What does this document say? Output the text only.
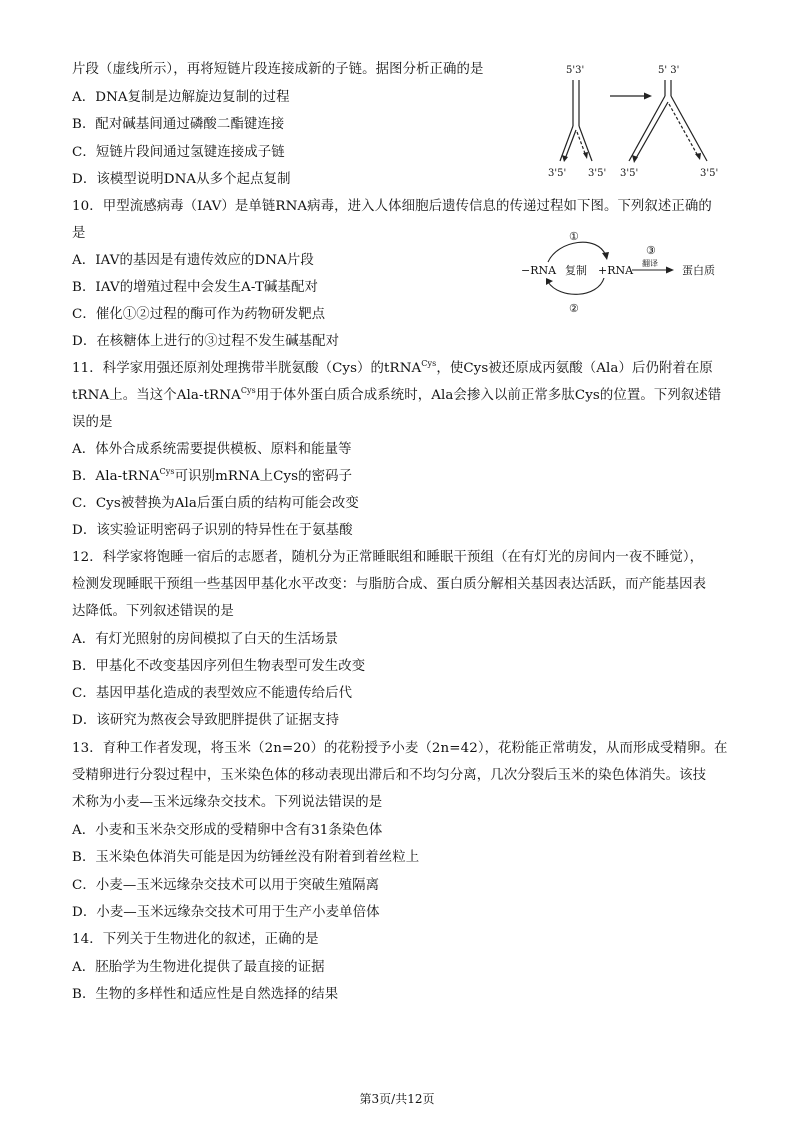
片段（虚线所示），再将短链片段连接成新的子链。据图分析正确的是
A．DNA复制是边解旋边复制的过程
B．配对碱基间通过磷酸二酯键连接
C．短链片段间通过氢键连接成子链
D．该模型说明DNA从多个起点复制
10．甲型流感病毒（IAV）是单链RNA病毒，进入人体细胞后遗传信息的传递过程如下图。下列叙述正确的
是
A．IAV的基因是有遗传效应的DNA片段
B．IAV的增殖过程中会发生A-T碱基配对
C．催化①②过程的酶可作为药物研发靶点
D．在核糖体上进行的③过程不发生碱基配对
11．科学家用强还原剂处理携带半胱氨酸（Cys）的tRNA$^{Cys}$，使Cys被还原成丙氨酸（Ala）后仍附着在原
tRNA上。当这个Ala-tRNA$^{Cys}$用于体外蛋白质合成系统时，Ala会掺入以前正常多肽Cys的位置。下列叙述错
误的是
A．体外合成系统需要提供模板、原料和能量等
B．Ala-tRNA$^{Cys}$可识别mRNA上Cys的密码子
C．Cys被替换为Ala后蛋白质的结构可能会改变
D．该实验证明密码子识别的特异性在于氨基酸
12．科学家将饱睡一宿后的志愿者，随机分为正常睡眠组和睡眠干预组（在有灯光的房间内一夜不睡觉），
检测发现睡眠干预组一些基因甲基化水平改变：与脂肪合成、蛋白质分解相关基因表达活跃，而产能基因表
达降低。下列叙述错误的是
A．有灯光照射的房间模拟了白天的生活场景
B．甲基化不改变基因序列但生物表型可发生改变
C．基因甲基化造成的表型效应不能遗传给后代
D．该研究为熬夜会导致肥胖提供了证据支持
13．育种工作者发现，将玉米（2n=20）的花粉授予小麦（2n=42），花粉能正常萌发，从而形成受精卵。在
受精卵进行分裂过程中，玉米染色体的移动表现出滞后和不均匀分离，几次分裂后玉米的染色体消失。该技
术称为小麦—玉米远缘杂交技术。下列说法错误的是
A．小麦和玉米杂交形成的受精卵中含有31条染色体
B．玉米染色体消失可能是因为纺锤丝没有附着到着丝粒上
C．小麦—玉米远缘杂交技术可以用于突破生殖隔离
D．小麦—玉米远缘杂交技术可用于生产小麦单倍体
14．下列关于生物进化的叙述，正确的是
A．胚胎学为生物进化提供了最直接的证据
B．生物的多样性和适应性是自然选择的结果
5'3'	5' 3'
3'5' 3'5' 3'5'	3'5'
①
②
③
−RNA 复制 +RNA
翻译
蛋白质
第3页/共12页
